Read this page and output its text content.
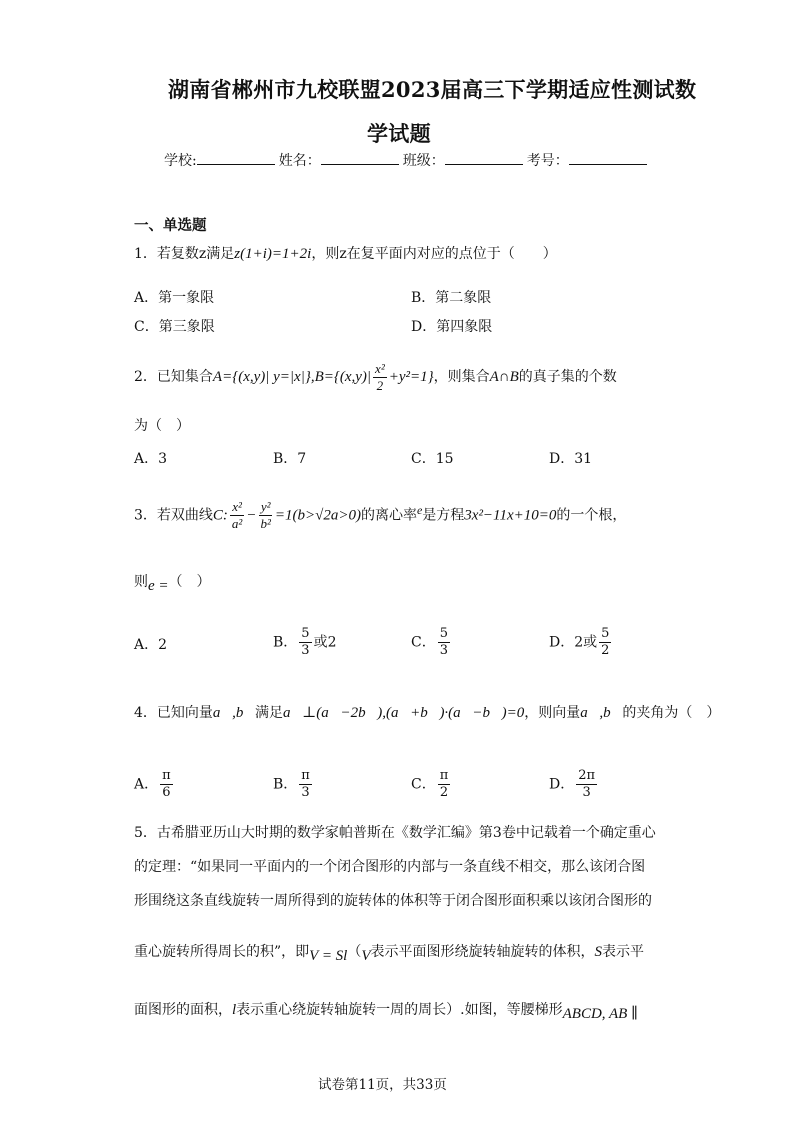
湖南省郴州市九校联盟2023届高三下学期适应性测试数
学试题
学校:	姓名：	班级：	考号：
一、单选题
1．若复数z满足z(1+i)=1+2i，则z在复平面内对应的点位于（　　）
A．第一象限	B．第二象限
C．第三象限	D．第四象限
2．已知集合A={(x,y)| $y=|x|\},B=\{(x,y)| \frac{\text{x²}}{2} +y^2=1\}$，则集合A∩B的真子集的个数
为（　）
A．3	B．7	C．15	D．31
3．若双曲线C: $\frac{\text{x²}}{\text{a²}} - \frac{\text{y²}}{\text{b²}} =1(b>√2a>0)$的离心率e是方程3x²−11x+10=0的一个根，
则e =（　）
A．2	B． $\frac{5}{3}$ 或2	C． $\frac{5}{3}$	D．2或 $\frac{5}{2}$
4．已知向量a⃗,b⃗满足a⃗⊥(a⃗−2b⃗),(a⃗+b⃗)·(a⃗−b⃗)=0，则向量a⃗,b⃗的夹角为（　）
A． $\frac{\pi}{6}$	B． $\frac{\pi}{3}$	C． $\frac{\pi}{2}$	D． $\frac{2\pi}{3}$
5．古希腊亚历山大时期的数学家帕普斯在《数学汇编》第3卷中记载着一个确定重心
的定理：“如果同一平面内的一个闭合图形的内部与一条直线不相交，那么该闭合图
形围绕这条直线旋转一周所得到的旋转体的体积等于闭合图形面积乘以该闭合图形的
重心旋转所得周长的积”，即V = Sl（V表示平面图形绕旋转轴旋转的体积，S表示平
面图形的面积，l表示重心绕旋转轴旋转一周的周长）.如图，等腰梯形ABCD, AB ∥
试卷第11页，共33页
